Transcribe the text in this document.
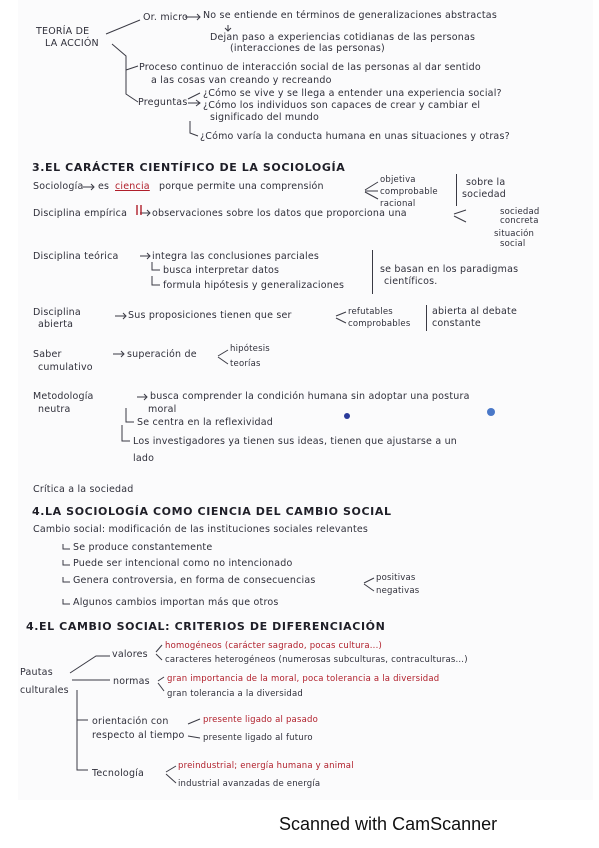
TEORÍA DE
LA ACCIÓN
Or. micro No se entiende en términos de generalizaciones abstractas
Dejan paso a experiencias cotidianas de las personas
(interacciones de las personas)
Proceso continuo de interacción social de las personas al dar sentido
a las cosas van creando y recreando
Preguntas
¿Cómo se vive y se llega a entender una experiencia social?
¿Cómo los individuos son capaces de crear y cambiar el
significado del mundo
¿Cómo varía la conducta humana en unas situaciones y otras?
3.EL CARÁCTER CIENTÍFICO DE LA SOCIOLOGÍA
Sociología es ciencia porque permite una comprensión
objetiva
comprobable
racional
sobre la
sociedad
Disciplina empírica	observaciones sobre los datos que proporciona una	sociedad
concreta
situación
social
Disciplina teórica	integra las conclusiones parciales
busca interpretar datos
formula hipótesis y generalizaciones
se basan en los paradigmas
científicos.
Disciplina
abierta
Sus proposiciones tienen que ser	refutables
comprobables
abierta al debate
constante
Saber
cumulativo
superación de	hipótesis
teorías
Metodología
neutra
busca comprender la condición humana sin adoptar una postura
moral
Se centra en la reflexividad
Los investigadores ya tienen sus ideas, tienen que ajustarse a un
lado
Crítica a la sociedad
4.LA SOCIOLOGÍA COMO CIENCIA DEL CAMBIO SOCIAL
Cambio social: modificación de las instituciones sociales relevantes
Se produce constantemente
Puede ser intencional como no intencionado
Genera controversia, en forma de consecuencias	positivas
negativas
Algunos cambios importan más que otros
4.EL CAMBIO SOCIAL: CRITERIOS DE DIFERENCIACIÓN
Pautas
culturales
valores
homogéneos (carácter sagrado, pocas cultura...)
caracteres heterogéneos (numerosas subculturas, contraculturas...)
normas gran importancia de la moral, poca tolerancia a la diversidad
gran tolerancia a la diversidad
orientación con
respecto al tiempo
presente ligado al pasado
presente ligado al futuro
Tecnología
preindustrial; energía humana y animal
industrial avanzadas de energía
Scanned with CamScanner
